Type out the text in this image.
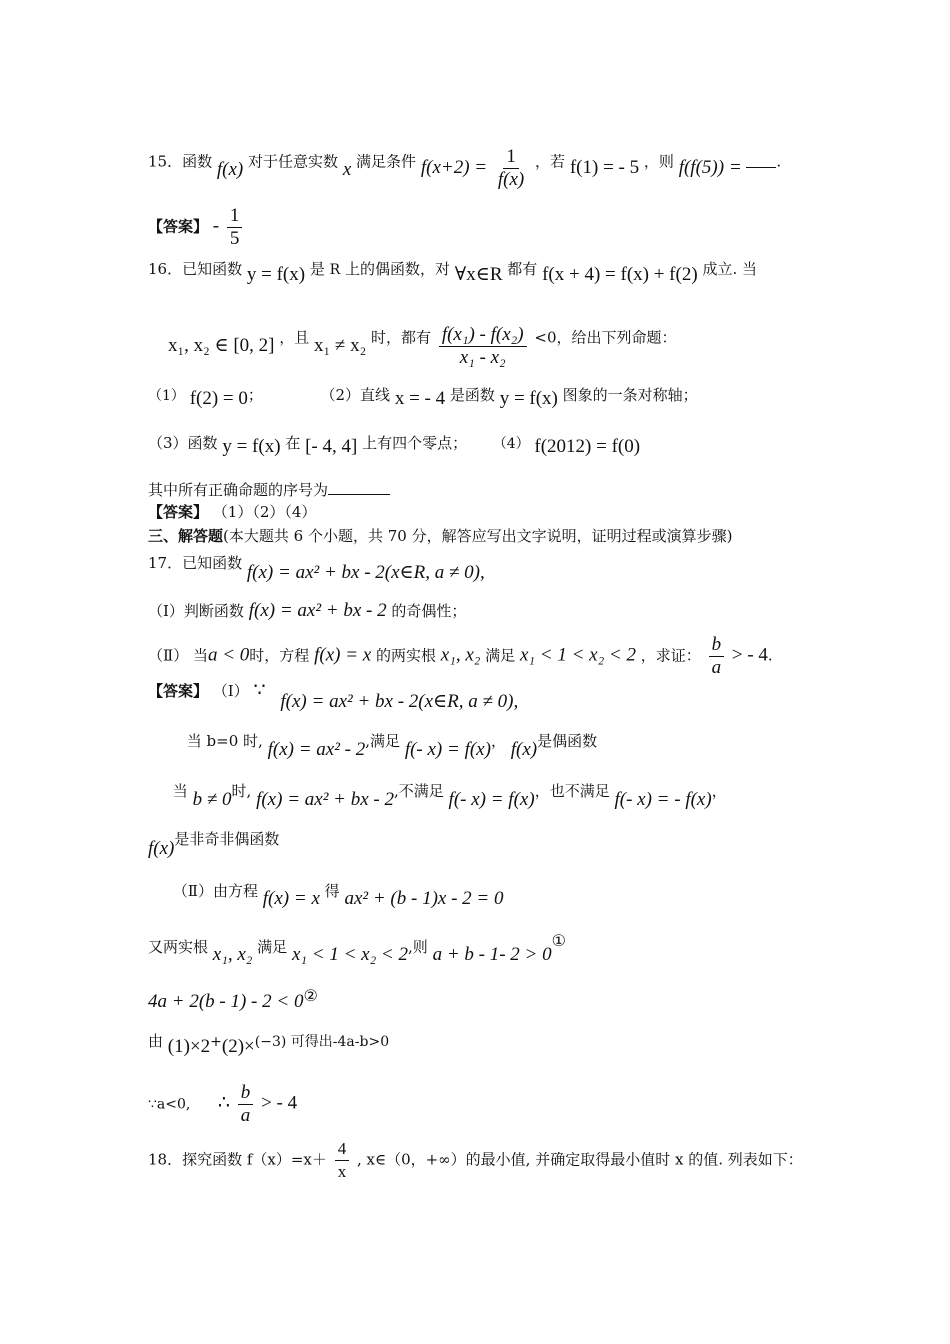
15．函数 f(x) 对于任意实数 x 满足条件 $f(x+2) = \frac{1}{f(x)}$ ，若 f(1) = - 5 ，则 f(f(5)) = .
【答案】 - $\frac{1}{5}$
16．已知函数 y = f(x) 是 R 上的偶函数，对 ∀x∈R 都有 f(x + 4) = f(x) + f(2) 成立. 当
x₁, x₂ ∈ [0, 2] ，且 x₁ ≠ x₂ 时，都有 $\frac{\text{f(x₁) - f(x₂)}}{\text{x₁ - x₂}} <0$，给出下列命题：
（1） f(2) = 0；	（2）直线 x = - 4 是函数 y = f(x) 图象的一条对称轴；
（3）函数 y = f(x) 在 [- 4, 4] 上有四个零点； （4） f(2012) = f(0)
其中所有正确命题的序号为
【答案】 （1）（2）（4）
三、解答题(本大题共 6 个小题，共 70 分，解答应写出文字说明，证明过程或演算步骤)
17．已知函数 f(x) = ax² + bx - 2(x∈R, a ≠ 0),
（Ⅰ）判断函数 f(x) = ax² + bx - 2 的奇偶性；
（Ⅱ） 当a < 0时，方程 f(x) = x 的两实根 x₁, x₂ 满足 x₁ < 1 < x₂ < 2 ，求证： $\frac{b}{a}$ > - 4.
【答案】 （Ⅰ） ∵ f(x) = ax² + bx - 2(x∈R, a ≠ 0),
当 b=0 时, f(x) = ax² - 2,满足 f(- x) = f(x)， f(x)是偶函数
当 b ≠ 0时, f(x) = ax² + bx - 2,不满足 f(- x) = f(x)，也不满足 f(- x) = - f(x)，
f(x)是非奇非偶函数
（Ⅱ）由方程 f(x) = x 得 ax² + (b - 1)x - 2 = 0
又两实根 x₁, x₂ 满足 x₁ < 1 < x₂ < 2,则 a + b - 1- 2 > 0①
4a + 2(b - 1) - 2 < 0②
由 (1)×2+(2)×(−3) 可得出-4a-b>0
∵a<0, ∴ $\frac{b}{a}$ > - 4
18．探究函数 $f(x)=x+ \frac{4}{x}$ , x∈（0，+∞）的最小值, 并确定取得最小值时 x 的值. 列表如下：
